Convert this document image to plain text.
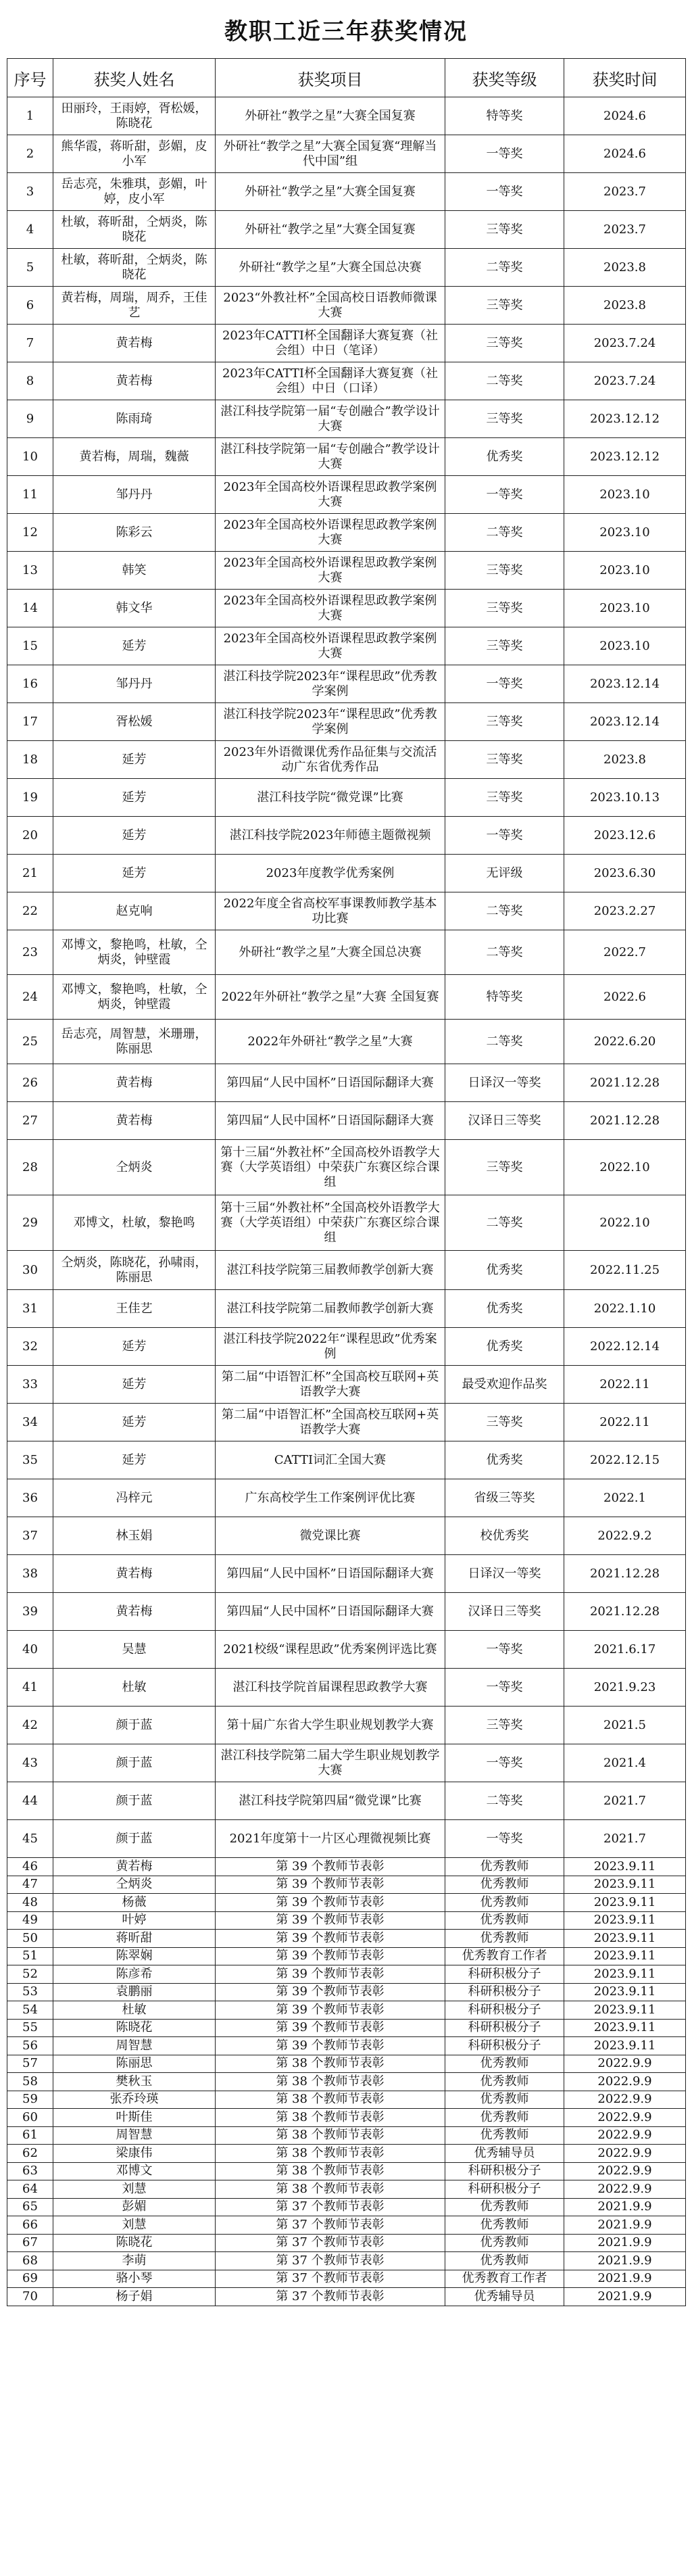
教职工近三年获奖情况
序号	获奖人姓名	获奖项目	获奖等级	获奖时间
1	田丽玲，王雨婷，胥松媛，陈晓花	外研社“教学之星”大赛全国复赛	特等奖	2024.6
2	熊华霞，蒋昕甜，彭媚，皮小军	外研社“教学之星”大赛全国复赛“理解当代中国”组	一等奖	2024.6
3	岳志亮，朱雅琪，彭媚，叶婷，皮小军	外研社“教学之星”大赛全国复赛	一等奖	2023.7
4	杜敏，蒋昕甜，仝炳炎，陈晓花	外研社“教学之星”大赛全国复赛	三等奖	2023.7
5	杜敏，蒋昕甜，仝炳炎，陈晓花	外研社“教学之星”大赛全国总决赛	二等奖	2023.8
6	黄若梅，周瑞，周乔，王佳艺	2023“外教社杯”全国高校日语教师微课大赛	三等奖	2023.8
7	黄若梅	2023年CATTI杯全国翻译大赛复赛（社会组）中日（笔译）	三等奖	2023.7.24
8	黄若梅	2023年CATTI杯全国翻译大赛复赛（社会组）中日（口译）	二等奖	2023.7.24
9	陈雨琦	湛江科技学院第一届“专创融合”教学设计大赛	三等奖	2023.12.12
10	黄若梅，周瑞，魏薇	湛江科技学院第一届“专创融合”教学设计大赛	优秀奖	2023.12.12
11	邹丹丹	2023年全国高校外语课程思政教学案例大赛	一等奖	2023.10
12	陈彩云	2023年全国高校外语课程思政教学案例大赛	二等奖	2023.10
13	韩笑	2023年全国高校外语课程思政教学案例大赛	三等奖	2023.10
14	韩文华	2023年全国高校外语课程思政教学案例大赛	三等奖	2023.10
15	延芳	2023年全国高校外语课程思政教学案例大赛	三等奖	2023.10
16	邹丹丹	湛江科技学院2023年“课程思政”优秀教学案例	一等奖	2023.12.14
17	胥松媛	湛江科技学院2023年“课程思政”优秀教学案例	三等奖	2023.12.14
18	延芳	2023年外语微课优秀作品征集与交流活动广东省优秀作品	三等奖	2023.8
19	延芳	湛江科技学院“微党课”比赛	三等奖	2023.10.13
20	延芳	湛江科技学院2023年师德主题微视频	一等奖	2023.12.6
21	延芳	2023年度教学优秀案例	无评级	2023.6.30
22	赵克响	2022年度全省高校军事课教师教学基本功比赛	二等奖	2023.2.27
23	邓博文，黎艳鸣，杜敏，仝炳炎，钟壁霞	外研社“教学之星”大赛全国总决赛	二等奖	2022.7
24	邓博文，黎艳鸣，杜敏，仝炳炎，钟壁霞	2022年外研社“教学之星”大赛 全国复赛	特等奖	2022.6
25	岳志亮，周智慧，米珊珊，陈丽思	2022年外研社“教学之星”大赛	二等奖	2022.6.20
26	黄若梅	第四届“人民中国杯”日语国际翻译大赛	日译汉一等奖	2021.12.28
27	黄若梅	第四届“人民中国杯”日语国际翻译大赛	汉译日三等奖	2021.12.28
28	仝炳炎	第十三届“外教社杯”全国高校外语教学大赛（大学英语组）中荣获广东赛区综合课组	三等奖	2022.10
29	邓博文，杜敏，黎艳鸣	第十三届“外教社杯”全国高校外语教学大赛（大学英语组）中荣获广东赛区综合课组	二等奖	2022.10
30	仝炳炎，陈晓花，孙啸雨，陈丽思	湛江科技学院第三届教师教学创新大赛	优秀奖	2022.11.25
31	王佳艺	湛江科技学院第二届教师教学创新大赛	优秀奖	2022.1.10
32	延芳	湛江科技学院2022年“课程思政”优秀案例	优秀奖	2022.12.14
33	延芳	第二届“中语智汇杯”全国高校互联网+英语教学大赛	最受欢迎作品奖	2022.11
34	延芳	第二届“中语智汇杯”全国高校互联网+英语教学大赛	三等奖	2022.11
35	延芳	CATTI词汇全国大赛	优秀奖	2022.12.15
36	冯梓元	广东高校学生工作案例评优比赛	省级三等奖	2022.1
37	林玉娟	微党课比赛	校优秀奖	2022.9.2
38	黄若梅	第四届“人民中国杯”日语国际翻译大赛	日译汉一等奖	2021.12.28
39	黄若梅	第四届“人民中国杯”日语国际翻译大赛	汉译日三等奖	2021.12.28
40	吴慧	2021校级“课程思政”优秀案例评选比赛	一等奖	2021.6.17
41	杜敏	湛江科技学院首届课程思政教学大赛	一等奖	2021.9.23
42	颜于蓝	第十届广东省大学生职业规划教学大赛	三等奖	2021.5
43	颜于蓝	湛江科技学院第二届大学生职业规划教学大赛	一等奖	2021.4
44	颜于蓝	湛江科技学院第四届“微党课”比赛	二等奖	2021.7
45	颜于蓝	2021年度第十一片区心理微视频比赛	一等奖	2021.7
46	黄若梅	第 39 个教师节表彰	优秀教师	2023.9.11
47	仝炳炎	第 39 个教师节表彰	优秀教师	2023.9.11
48	杨薇	第 39 个教师节表彰	优秀教师	2023.9.11
49	叶婷	第 39 个教师节表彰	优秀教师	2023.9.11
50	蒋昕甜	第 39 个教师节表彰	优秀教师	2023.9.11
51	陈翠娴	第 39 个教师节表彰	优秀教育工作者	2023.9.11
52	陈彦希	第 39 个教师节表彰	科研积极分子	2023.9.11
53	袁鹏丽	第 39 个教师节表彰	科研积极分子	2023.9.11
54	杜敏	第 39 个教师节表彰	科研积极分子	2023.9.11
55	陈晓花	第 39 个教师节表彰	科研积极分子	2023.9.11
56	周智慧	第 39 个教师节表彰	科研积极分子	2023.9.11
57	陈丽思	第 38 个教师节表彰	优秀教师	2022.9.9
58	樊秋玉	第 38 个教师节表彰	优秀教师	2022.9.9
59	张乔玲瑛	第 38 个教师节表彰	优秀教师	2022.9.9
60	叶斯佳	第 38 个教师节表彰	优秀教师	2022.9.9
61	周智慧	第 38 个教师节表彰	优秀教师	2022.9.9
62	梁康伟	第 38 个教师节表彰	优秀辅导员	2022.9.9
63	邓博文	第 38 个教师节表彰	科研积极分子	2022.9.9
64	刘慧	第 38 个教师节表彰	科研积极分子	2022.9.9
65	彭媚	第 37 个教师节表彰	优秀教师	2021.9.9
66	刘慧	第 37 个教师节表彰	优秀教师	2021.9.9
67	陈晓花	第 37 个教师节表彰	优秀教师	2021.9.9
68	李萌	第 37 个教师节表彰	优秀教师	2021.9.9
69	骆小琴	第 37 个教师节表彰	优秀教育工作者	2021.9.9
70	杨子娟	第 37 个教师节表彰	优秀辅导员	2021.9.9
